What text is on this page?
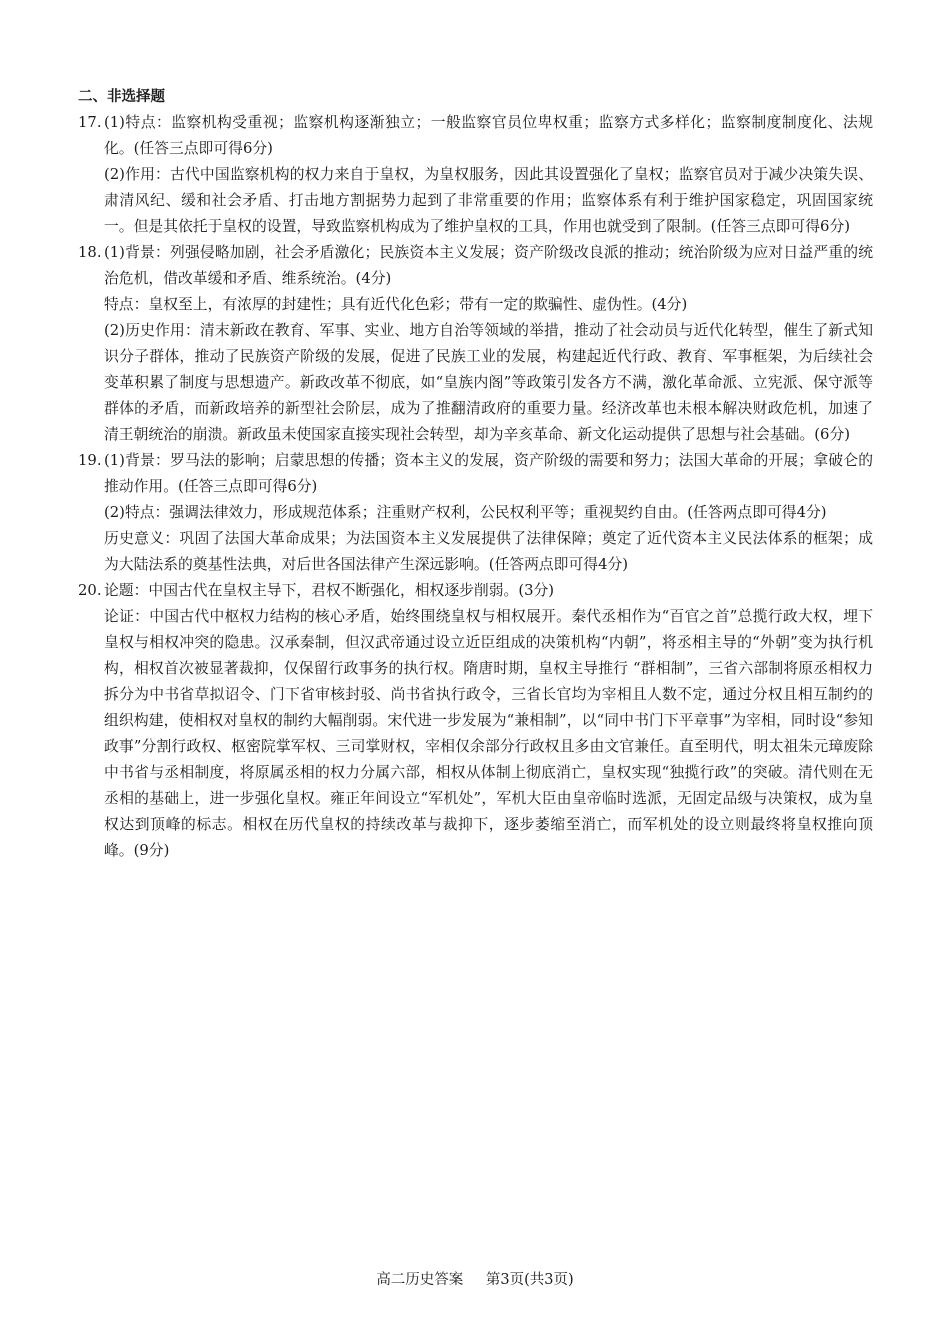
二、非选择题
17. (1)特点：监察机构受重视；监察机构逐渐独立；一般监察官员位卑权重；监察方式多样化；监察制度制度化、法规化。(任答三点即可得6分)
(2)作用：古代中国监察机构的权力来自于皇权，为皇权服务，因此其设置强化了皇权；监察官员对于减少决策失误、肃清风纪、缓和社会矛盾、打击地方割据势力起到了非常重要的作用；监察体系有利于维护国家稳定，巩固国家统一。但是其依托于皇权的设置，导致监察机构成为了维护皇权的工具，作用也就受到了限制。(任答三点即可得6分)
18. (1)背景：列强侵略加剧，社会矛盾激化；民族资本主义发展；资产阶级改良派的推动；统治阶级为应对日益严重的统治危机，借改革缓和矛盾、维系统治。(4分)
特点：皇权至上，有浓厚的封建性；具有近代化色彩；带有一定的欺骗性、虚伪性。(4分)
(2)历史作用：清末新政在教育、军事、实业、地方自治等领域的举措，推动了社会动员与近代化转型，催生了新式知识分子群体，推动了民族资产阶级的发展，促进了民族工业的发展，构建起近代行政、教育、军事框架，为后续社会变革积累了制度与思想遗产。新政改革不彻底，如“皇族内阁”等政策引发各方不满，激化革命派、立宪派、保守派等群体的矛盾，而新政培养的新型社会阶层，成为了推翻清政府的重要力量。经济改革也未根本解决财政危机，加速了清王朝统治的崩溃。新政虽未使国家直接实现社会转型，却为辛亥革命、新文化运动提供了思想与社会基础。(6分)
19. (1)背景：罗马法的影响；启蒙思想的传播；资本主义的发展，资产阶级的需要和努力；法国大革命的开展；拿破仑的推动作用。(任答三点即可得6分)
(2)特点：强调法律效力，形成规范体系；注重财产权利，公民权利平等；重视契约自由。(任答两点即可得4分)
历史意义：巩固了法国大革命成果；为法国资本主义发展提供了法律保障；奠定了近代资本主义民法体系的框架；成为大陆法系的奠基性法典，对后世各国法律产生深远影响。(任答两点即可得4分)
20. 论题：中国古代在皇权主导下，君权不断强化，相权逐步削弱。(3分)
论证：中国古代中枢权力结构的核心矛盾，始终围绕皇权与相权展开。秦代丞相作为“百官之首”总揽行政大权，埋下皇权与相权冲突的隐患。汉承秦制，但汉武帝通过设立近臣组成的决策机构“内朝”，将丞相主导的“外朝”变为执行机构，相权首次被显著裁抑，仅保留行政事务的执行权。隋唐时期，皇权主导推行 “群相制”，三省六部制将原丞相权力拆分为中书省草拟诏令、门下省审核封驳、尚书省执行政令，三省长官均为宰相且人数不定，通过分权且相互制约的组织构建，使相权对皇权的制约大幅削弱。宋代进一步发展为“兼相制”，以“同中书门下平章事”为宰相，同时设“参知政事”分割行政权、枢密院掌军权、三司掌财权，宰相仅余部分行政权且多由文官兼任。直至明代，明太祖朱元璋废除中书省与丞相制度，将原属丞相的权力分属六部，相权从体制上彻底消亡，皇权实现“独揽行政”的突破。清代则在无丞相的基础上，进一步强化皇权。雍正年间设立“军机处”，军机大臣由皇帝临时选派，无固定品级与决策权，成为皇权达到顶峰的标志。相权在历代皇权的持续改革与裁抑下，逐步萎缩至消亡，而军机处的设立则最终将皇权推向顶峰。(9分)
高二历史答案 第3页(共3页)
